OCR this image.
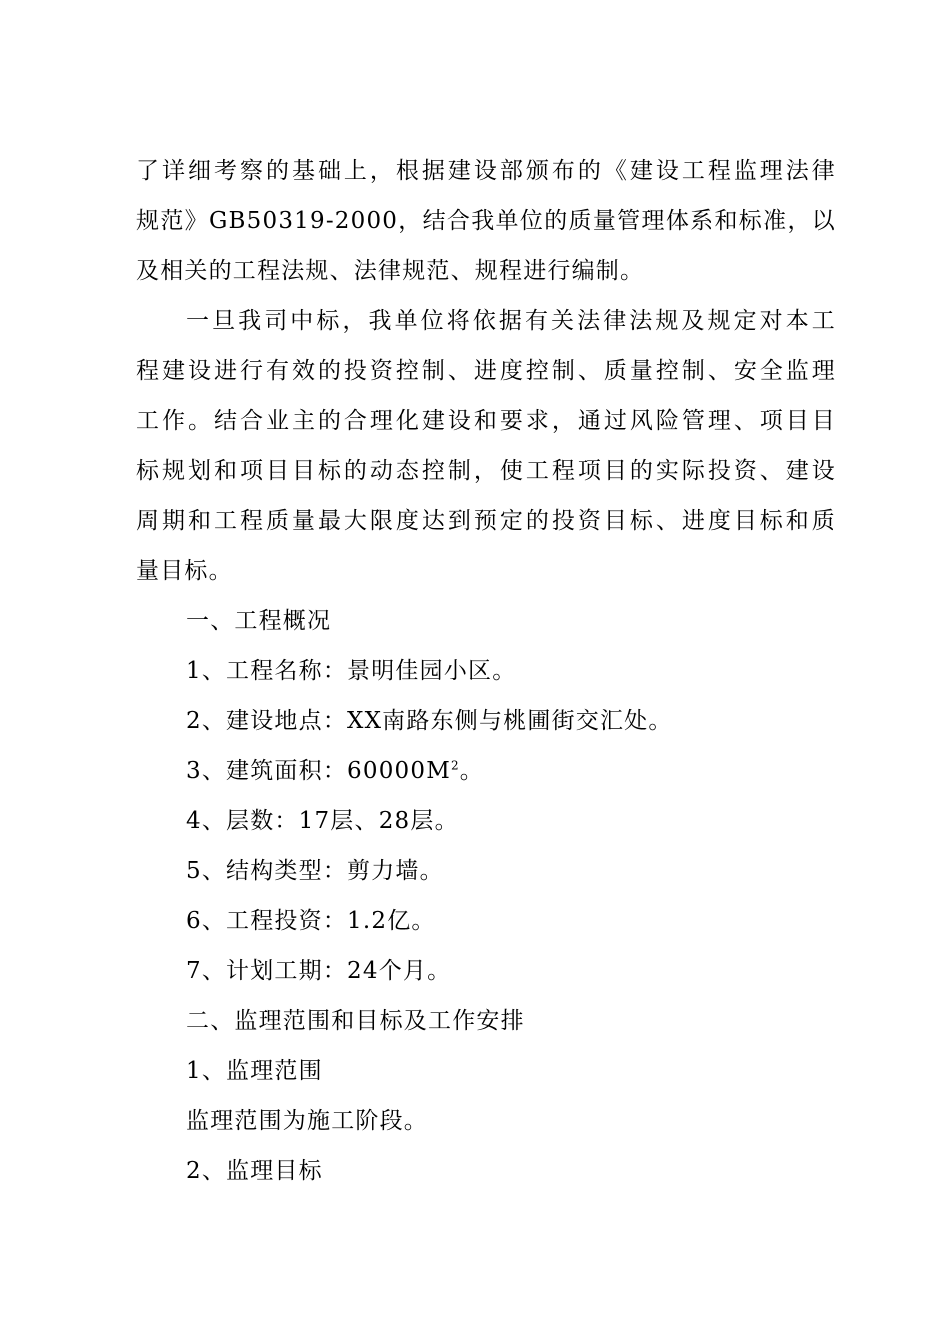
了详细考察的基础上，根据建设部颁布的《建设工程监理法律
规范》GB50319-2000，结合我单位的质量管理体系和标准，以
及相关的工程法规、法律规范、规程进行编制。
一旦我司中标，我单位将依据有关法律法规及规定对本工
程建设进行有效的投资控制、进度控制、质量控制、安全监理
工作。结合业主的合理化建设和要求，通过风险管理、项目目
标规划和项目目标的动态控制，使工程项目的实际投资、建设
周期和工程质量最大限度达到预定的投资目标、进度目标和质
量目标。
一、工程概况
1、工程名称：景明佳园小区。
2、建设地点：XX南路东侧与桃圃街交汇处。
3、建筑面积：$60000M^2$。
4、层数：17层、28层。
5、结构类型：剪力墙。
6、工程投资：1.2亿。
7、计划工期：24个月。
二、监理范围和目标及工作安排
1、监理范围
监理范围为施工阶段。
2、监理目标
